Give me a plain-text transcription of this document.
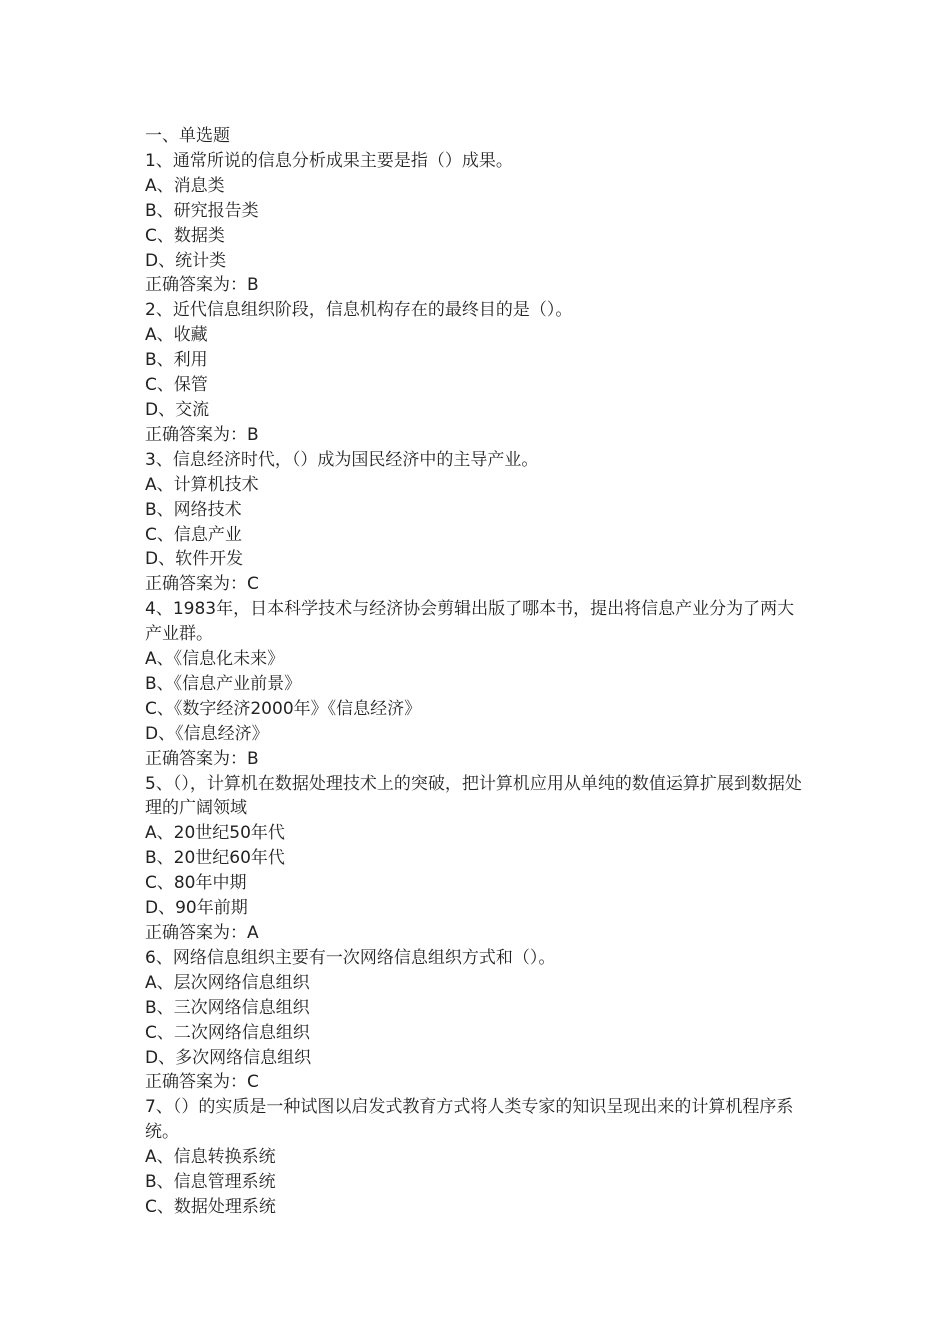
一、单选题

1、通常所说的信息分析成果主要是指（）成果。

A、消息类

B、研究报告类

C、数据类

D、统计类

正确答案为：B

2、近代信息组织阶段，信息机构存在的最终目的是（）。

A、收藏

B、利用

C、保管

D、交流

正确答案为：B

3、信息经济时代，（）成为国民经济中的主导产业。

A、计算机技术

B、网络技术

C、信息产业

D、软件开发

正确答案为：C

4、1983年，日本科学技术与经济协会剪辑出版了哪本书，提出将信息产业分为了两大产业群。

A、《信息化未来》

B、《信息产业前景》

C、《数字经济2000年》《信息经济》

D、《信息经济》

正确答案为：B

5、（），计算机在数据处理技术上的突破，把计算机应用从单纯的数值运算扩展到数据处理的广阔领域

A、20世纪50年代

B、20世纪60年代

C、80年中期

D、90年前期

正确答案为：A

6、网络信息组织主要有一次网络信息组织方式和（）。

A、层次网络信息组织

B、三次网络信息组织

C、二次网络信息组织

D、多次网络信息组织

正确答案为：C

7、（）的实质是一种试图以启发式教育方式将人类专家的知识呈现出来的计算机程序系统。

A、信息转换系统

B、信息管理系统

C、数据处理系统
